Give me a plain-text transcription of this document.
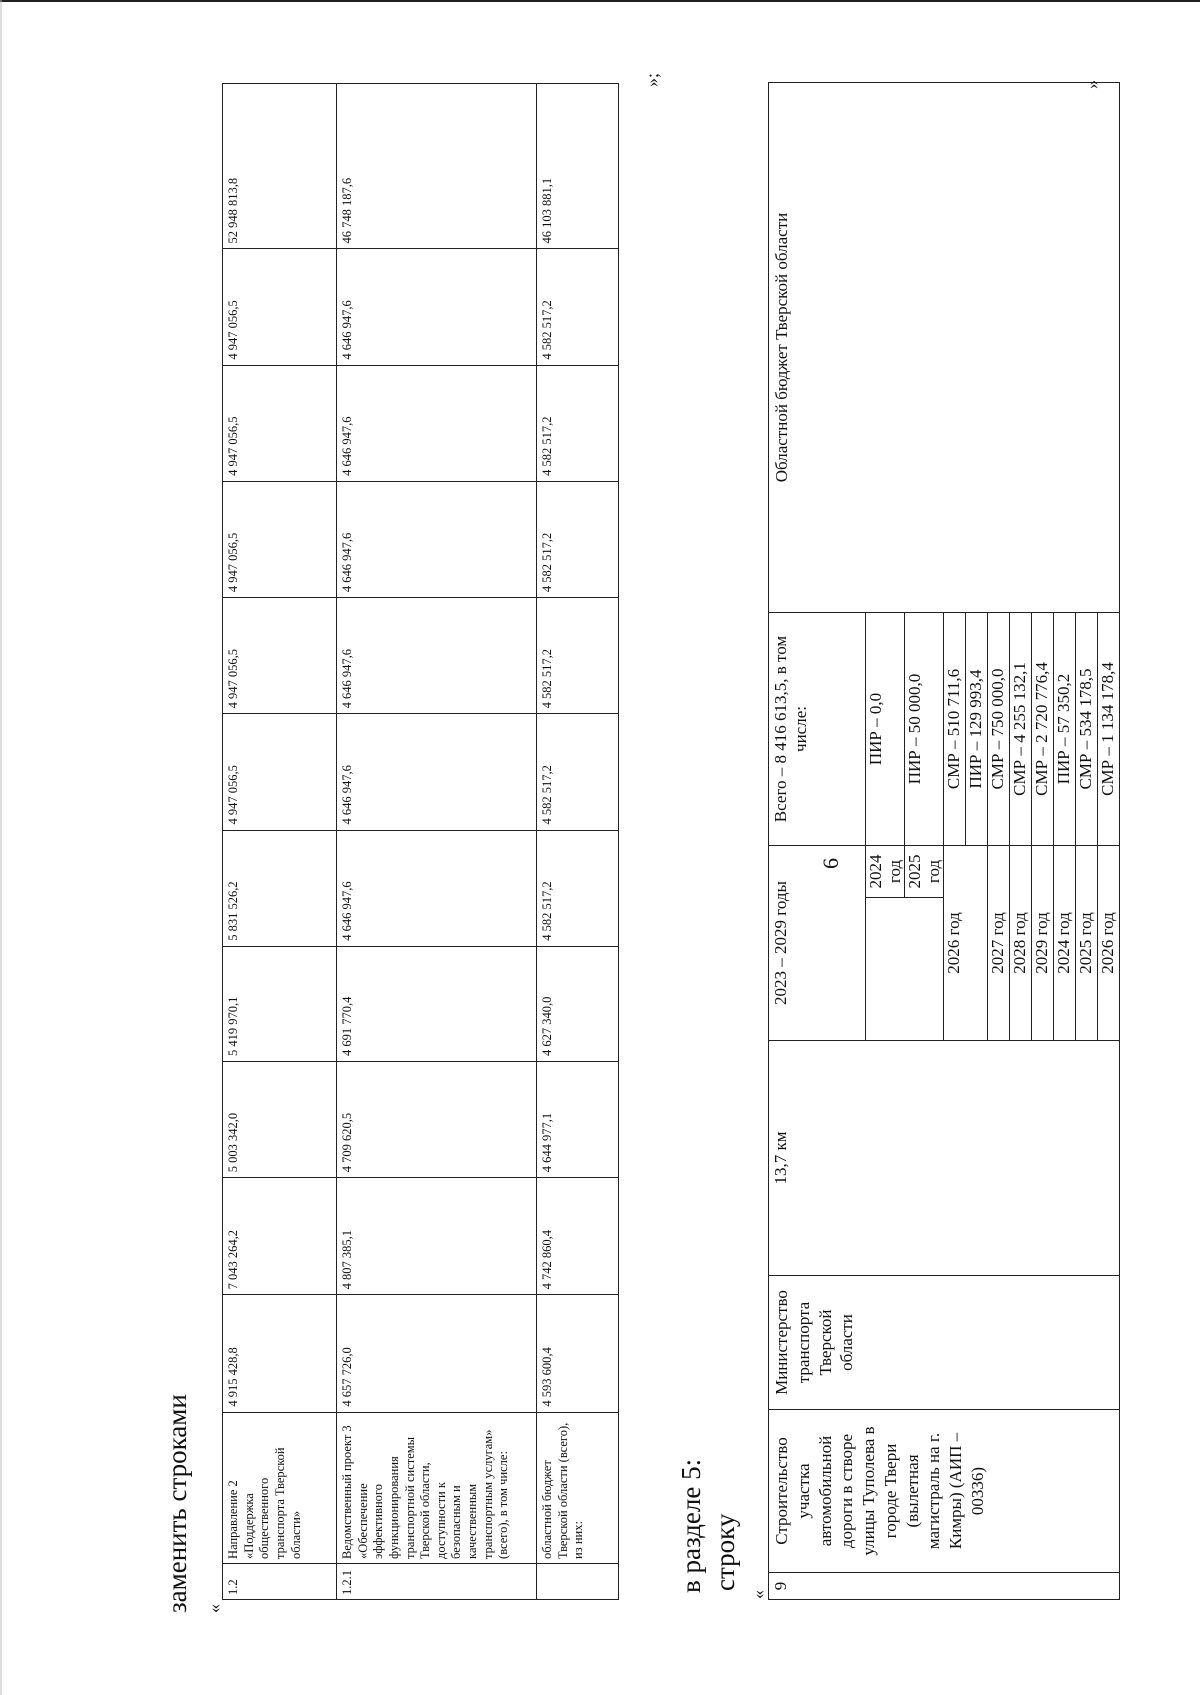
6
заменить строками «
1.2	Направление 2 «Поддержка общественного транспорта Тверской области»	4 915 428,8	7 043 264,2	5 003 342,0	5 419 970,1	5 831 526,2	4 947 056,5	4 947 056,5	4 947 056,5	4 947 056,5	4 947 056,5	52 948 813,8
1.2.1	Ведомственный проект 3 «Обеспечение эффективного функционирования транспортной системы Тверской области, доступности к безопасным и качественным транспортным услугам» (всего), в том числе:	4 657 726,0	4 807 385,1	4 709 620,5	4 691 770,4	4 646 947,6	4 646 947,6	4 646 947,6	4 646 947,6	4 646 947,6	4 646 947,6	46 748 187,6
	областной бюджет Тверской области (всего), из них:	4 593 600,4	4 742 860,4	4 644 977,1	4 627 340,0	4 582 517,2	4 582 517,2	4 582 517,2	4 582 517,2	4 582 517,2	4 582 517,2	46 103 881,1
»;
в разделе 5: строку
«
9	Строительство участка автомобильной дороги в створе улицы Туполева в городе Твери (вылетная магистраль на г. Кимры) (АИП – 00336)	Министерство транспорта Тверской области	13,7 км	2023 – 2029 годы		Всего – 8 416 613,5, в том числе:	Областной бюджет Тверской области
					2024 год	ПИР – 0,0	
					2025 год	ПИР – 50 000,0	
				2026 год		СМР – 510 711,6	
						ПИР – 129 993,4	
				2027 год		СМР – 750 000,0	
				2028 год		СМР – 4 255 132,1	
				2029 год		СМР – 2 720 776,4	
				2024 год		ПИР – 57 350,2	
				2025 год		СМР – 534 178,5	
				2026 год		СМР – 1 134 178,4	
»
